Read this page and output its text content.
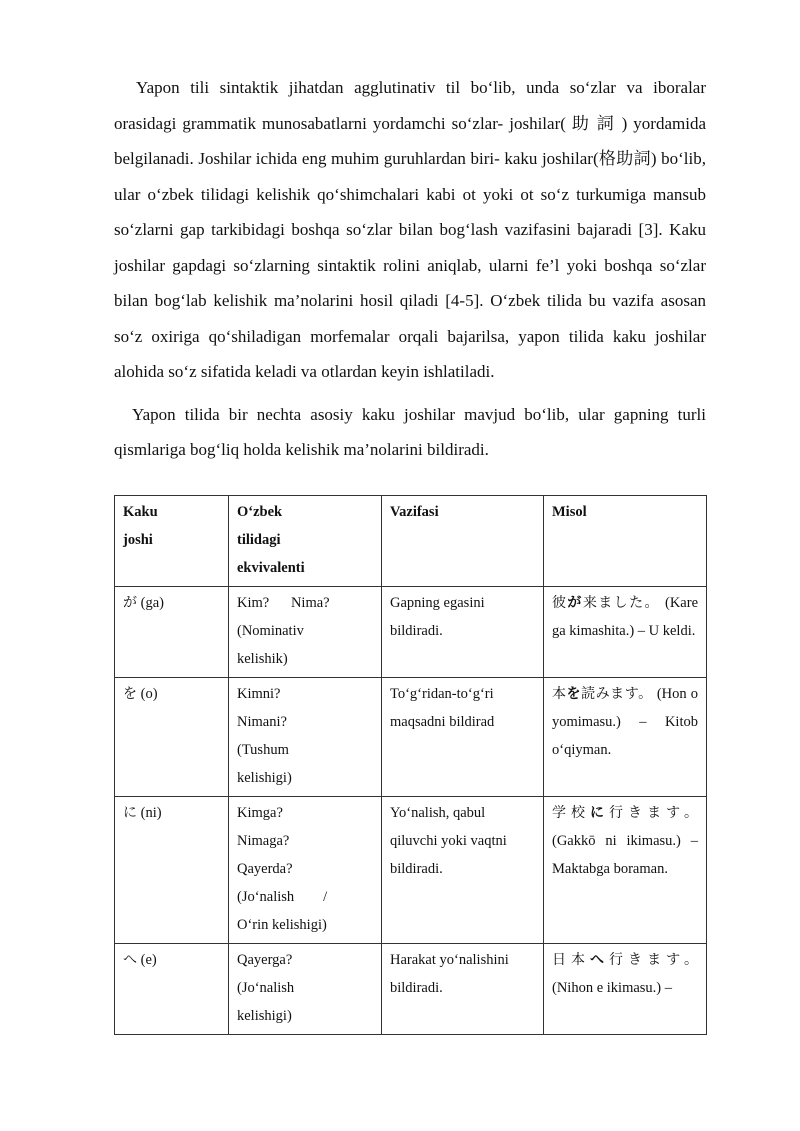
Yapon tili sintaktik jihatdan agglutinativ til bo‘lib, unda so‘zlar va iboralar orasidagi grammatik munosabatlarni yordamchi so‘zlar- joshilar( 助 詞 ) yordamida belgilanadi. Joshilar ichida eng muhim guruhlardan biri- kaku joshilar(格助詞) bo‘lib, ular o‘zbek tilidagi kelishik qo‘shimchalari kabi ot yoki ot so‘z turkumiga mansub so‘zlarni gap tarkibidagi boshqa so‘zlar bilan bog‘lash vazifasini bajaradi [3]. Kaku joshilar gapdagi so‘zlarning sintaktik rolini aniqlab, ularni fe’l yoki boshqa so‘zlar bilan bog‘lab kelishik ma’nolarini hosil qiladi [4-5]. O‘zbek tilida bu vazifa asosan so‘z oxiriga qo‘shiladigan morfemalar orqali bajarilsa, yapon tilida kaku joshilar alohida so‘z sifatida keladi va otlardan keyin ishlatiladi.

Yapon tilida bir nechta asosiy kaku joshilar mavjud bo‘lib, ular gapning turli qismlariga bog‘liq holda kelishik ma’nolarini bildiradi.

Kaku
joshi	O‘zbek
tilidagi
ekvivalenti	Vazifasi	Misol
が (ga)	Kim?      Nima?
(Nominativ
kelishik)	Gapning egasini bildiradi.	彼が来ました。 (Kare ga kimashita.) – U keldi.
を (o)	Kimni?
Nimani?
(Tushum
kelishigi)	To‘g‘ridan-to‘g‘ri maqsadni bildirad	本を読みます。 (Hon o yomimasu.) – Kitob o‘qiyman.
に (ni)	Kimga?
Nimaga?
Qayerda?
(Jo‘nalish        /
O‘rin kelishigi)	Yo‘nalish, qabul qiluvchi yoki vaqtni bildiradi.	学校に行きます。 (Gakkō ni ikimasu.) – Maktabga boraman.
へ (e)	Qayerga?
(Jo‘nalish
kelishigi)	Harakat yo‘nalishini bildiradi.	日本へ行きます。 (Nihon e ikimasu.) –
